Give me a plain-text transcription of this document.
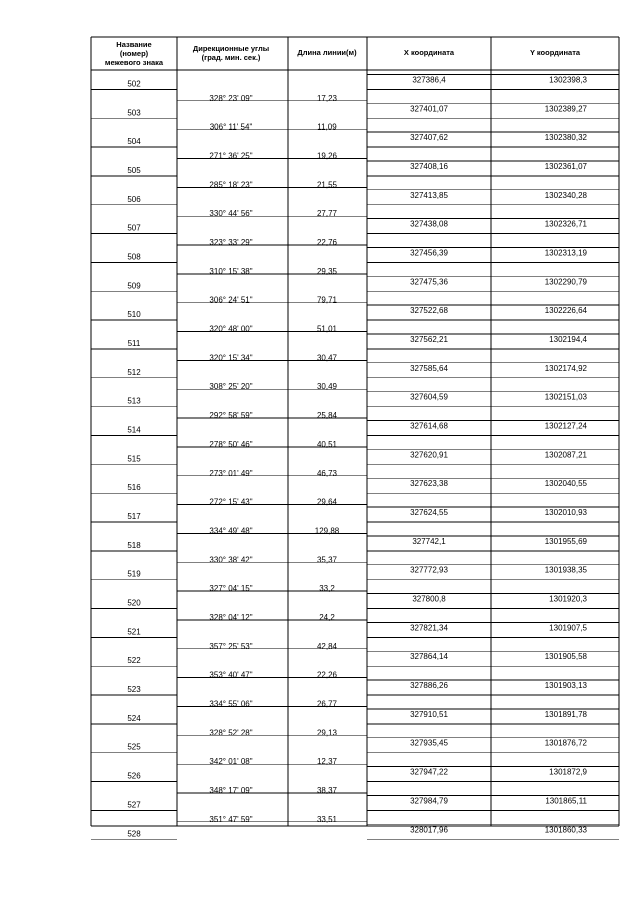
Название
(номер)
межевого знака
Дирекционные углы
(град. мин. сек.)
Длина линии(м)	X координата	Y координата
502	327386,4	1302398,3
328° 23' 09"	17,23
503	327401,07	1302389,27
306° 11' 54"	11,09
504	327407,62	1302380,32
271° 36' 25"	19,26
505	327408,16	1302361,07
285° 18' 23"	21,55
506	327413,85	1302340,28
330° 44' 56"	27,77
507	327438,08	1302326,71
323° 33' 29"	22,76
508	327456,39	1302313,19
310° 15' 38"	29,35
509	327475,36	1302290,79
306° 24' 51"	79,71
510	327522,68	1302226,64
320° 48' 00"	51,01
511	327562,21	1302194,4
320° 15' 34"	30,47
512	327585,64	1302174,92
308° 25' 20"	30,49
513	327604,59	1302151,03
292° 58' 59"	25,84
514	327614,68	1302127,24
278° 50' 46"	40,51
515	327620,91	1302087,21
273° 01' 49"	46,73
516	327623,38	1302040,55
272° 15' 43"	29,64
517	327624,55	1302010,93
334° 49' 48"	129,88
518	327742,1	1301955,69
330° 38' 42"	35,37
519	327772,93	1301938,35
327° 04' 15"	33,2
520	327800,8	1301920,3
328° 04' 12"	24,2
521	327821,34	1301907,5
357° 25' 53"	42,84
522	327864,14	1301905,58
353° 40' 47"	22,26
523	327886,26	1301903,13
334° 55' 06"	26,77
524	327910,51	1301891,78
328° 52' 28"	29,13
525	327935,45	1301876,72
342° 01' 08"	12,37
526	327947,22	1301872,9
348° 17' 09"	38,37
527	327984,79	1301865,11
351° 47' 59"	33,51
528	328017,96	1301860,33
